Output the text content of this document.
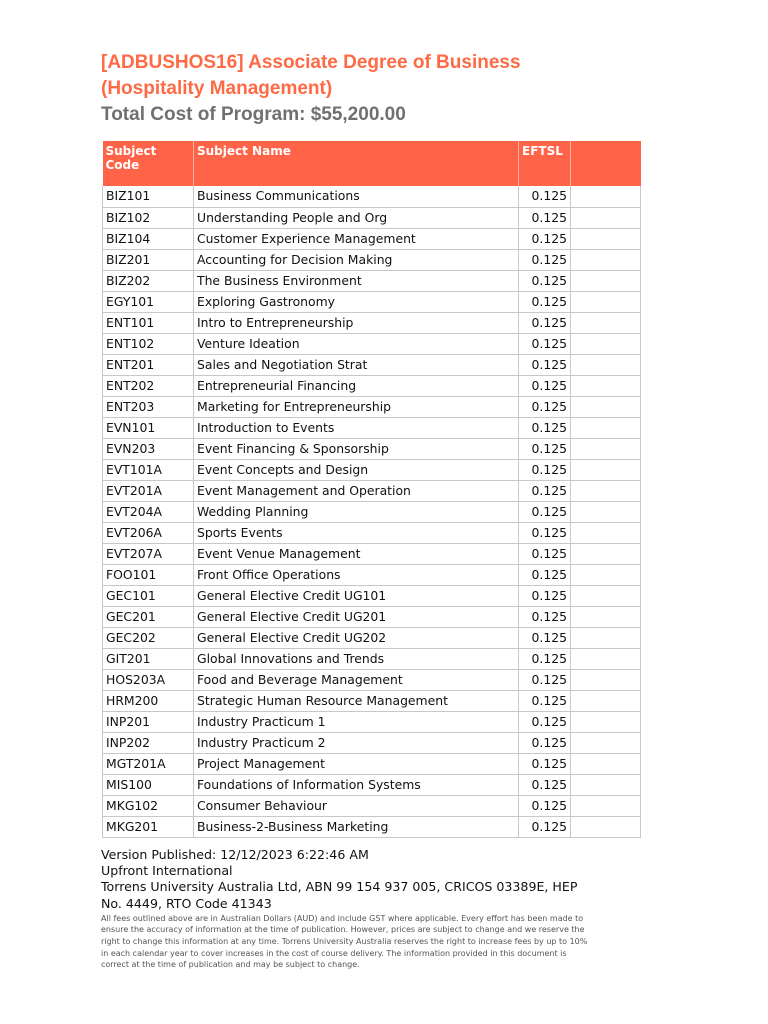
[ADBUSHOS16] Associate Degree of Business (Hospitality Management)
Total Cost of Program: $55,200.00
Subject Code	Subject Name	EFTSL	
BIZ101	Business Communications	0.125	
BIZ102	Understanding People and Org	0.125	
BIZ104	Customer Experience Management	0.125	
BIZ201	Accounting for Decision Making	0.125	
BIZ202	The Business Environment	0.125	
EGY101	Exploring Gastronomy	0.125	
ENT101	Intro to Entrepreneurship	0.125	
ENT102	Venture Ideation	0.125	
ENT201	Sales and Negotiation Strat	0.125	
ENT202	Entrepreneurial Financing	0.125	
ENT203	Marketing for Entrepreneurship	0.125	
EVN101	Introduction to Events	0.125	
EVN203	Event Financing & Sponsorship	0.125	
EVT101A	Event Concepts and Design	0.125	
EVT201A	Event Management and Operation	0.125	
EVT204A	Wedding Planning	0.125	
EVT206A	Sports Events	0.125	
EVT207A	Event Venue Management	0.125	
FOO101	Front Office Operations	0.125	
GEC101	General Elective Credit UG101	0.125	
GEC201	General Elective Credit UG201	0.125	
GEC202	General Elective Credit UG202	0.125	
GIT201	Global Innovations and Trends	0.125	
HOS203A	Food and Beverage Management	0.125	
HRM200	Strategic Human Resource Management	0.125	
INP201	Industry Practicum 1	0.125	
INP202	Industry Practicum 2	0.125	
MGT201A	Project Management	0.125	
MIS100	Foundations of Information Systems	0.125	
MKG102	Consumer Behaviour	0.125	
MKG201	Business-2-Business Marketing	0.125	
Version Published: 12/12/2023 6:22:46 AM
Upfront International
Torrens University Australia Ltd, ABN 99 154 937 005, CRICOS 03389E, HEP No. 4449, RTO Code 41343
All fees outlined above are in Australian Dollars (AUD) and include GST where applicable. Every effort has been made to ensure the accuracy of information at the time of publication. However, prices are subject to change and we reserve the right to change this information at any time. Torrens University Australia reserves the right to increase fees by up to 10% in each calendar year to cover increases in the cost of course delivery. The information provided in this document is correct at the time of publication and may be subject to change.
